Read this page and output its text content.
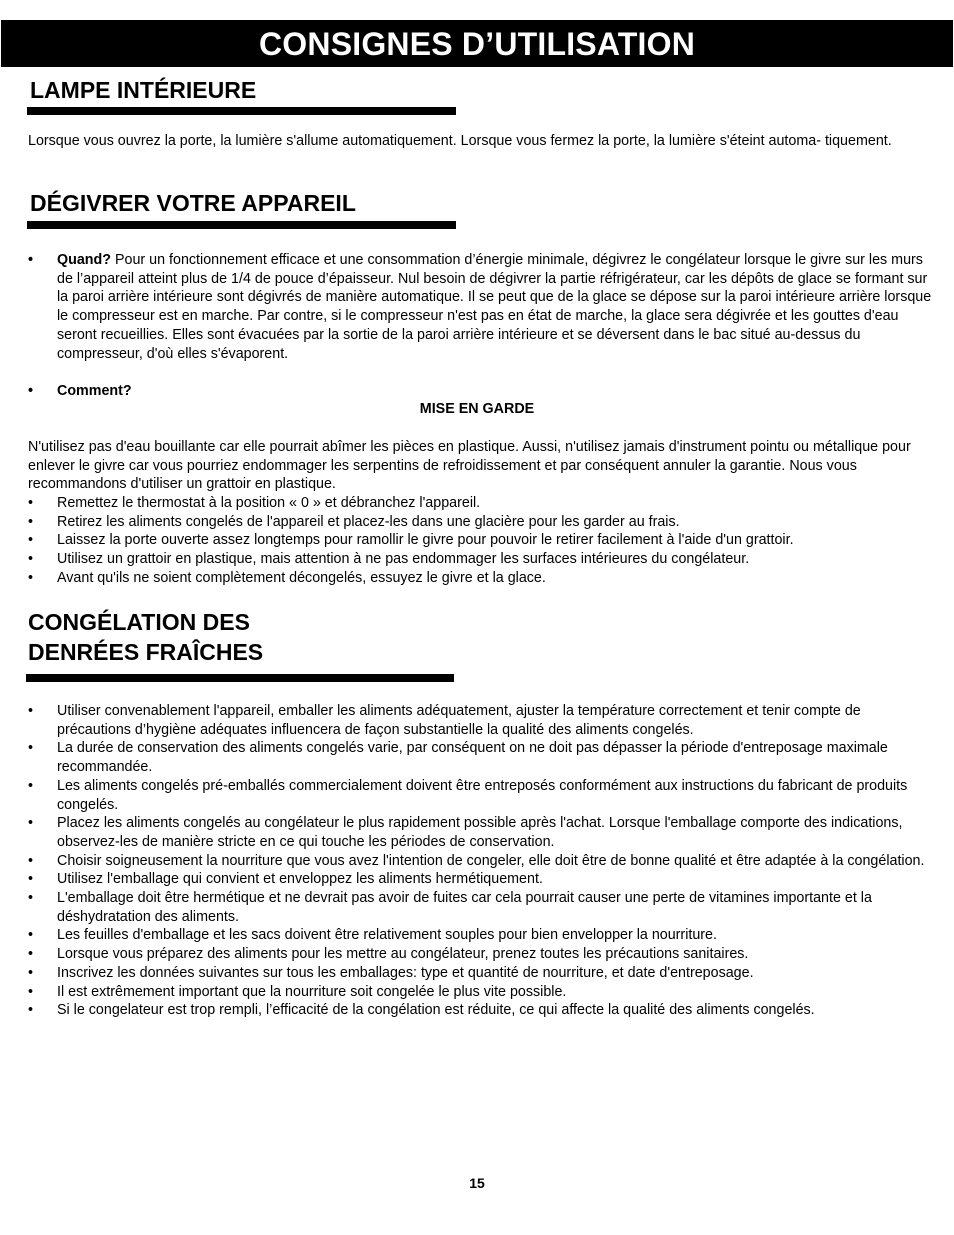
CONSIGNES D’UTILISATION
LAMPE INTÉRIEURE

Lorsque vous ouvrez la porte, la lumière s'allume automatiquement. Lorsque vous fermez la porte, la lumière s'éteint automa- tiquement.

DÉGIVRER VOTRE APPAREIL
• Quand? Pour un fonctionnement efficace et une consommation d’énergie minimale, dégivrez le congélateur lorsque le givre sur les murs de l’appareil atteint plus de 1/4 de pouce d’épaisseur. Nul besoin de dégivrer la partie réfrigérateur, car les dépôts de glace se formant sur la paroi arrière intérieure sont dégivrés de manière automatique. Il se peut que de la glace se dépose sur la paroi intérieure arrière lorsque le compresseur est en marche. Par contre, si le compresseur n'est pas en état de marche, la glace sera dégivrée et les gouttes d'eau seront recueillies. Elles sont évacuées par la sortie de la paroi arrière intérieure et se déversent dans le bac situé au-dessus du compresseur, d'où elles s'évaporent.
• Comment?

MISE EN GARDE

N'utilisez pas d'eau bouillante car elle pourrait abîmer les pièces en plastique. Aussi, n'utilisez jamais d'instrument pointu ou métallique pour enlever le givre car vous pourriez endommager les serpentins de refroidissement et par conséquent annuler la garantie. Nous vous recommandons d'utiliser un grattoir en plastique.

• Remettez le thermostat à la position « 0 » et débranchez l'appareil.
• Retirez les aliments congelés de l'appareil et placez-les dans une glacière pour les garder au frais.
• Laissez la porte ouverte assez longtemps pour ramollir le givre pour pouvoir le retirer facilement à l'aide d'un grattoir.
• Utilisez un grattoir en plastique, mais attention à ne pas endommager les surfaces intérieures du congélateur.
• Avant qu'ils ne soient complètement décongelés, essuyez le givre et la glace.
CONGÉLATION DES
DENRÉES FRAÎCHES
• Utiliser convenablement l'appareil, emballer les aliments adéquatement, ajuster la température correctement et tenir compte de précautions d’hygiène adéquates influencera de façon substantielle la qualité des aliments congelés.
• La durée de conservation des aliments congelés varie, par conséquent on ne doit pas dépasser la période d'entreposage maximale recommandée.
• Les aliments congelés pré-emballés commercialement doivent être entreposés conformément aux instructions du fabricant de produits congelés.
• Placez les aliments congelés au congélateur le plus rapidement possible après l'achat. Lorsque l'emballage comporte des indications, observez-les de manière stricte en ce qui touche les périodes de conservation.
• Choisir soigneusement la nourriture que vous avez l'intention de congeler, elle doit être de bonne qualité et être adaptée à la congélation.
• Utilisez l'emballage qui convient et enveloppez les aliments hermétiquement.
• L'emballage doit être hermétique et ne devrait pas avoir de fuites car cela pourrait causer une perte de vitamines importante et la déshydratation des aliments.
• Les feuilles d'emballage et les sacs doivent être relativement souples pour bien envelopper la nourriture.
• Lorsque vous préparez des aliments pour les mettre au congélateur, prenez toutes les précautions sanitaires.
• Inscrivez les données suivantes sur tous les emballages: type et quantité de nourriture, et date d'entreposage.
• Il est extrêmement important que la nourriture soit congelée le plus vite possible.
• Si le congelateur est trop rempli, l’efficacité de la congélation est réduite, ce qui affecte la qualité des aliments congelés.
15
